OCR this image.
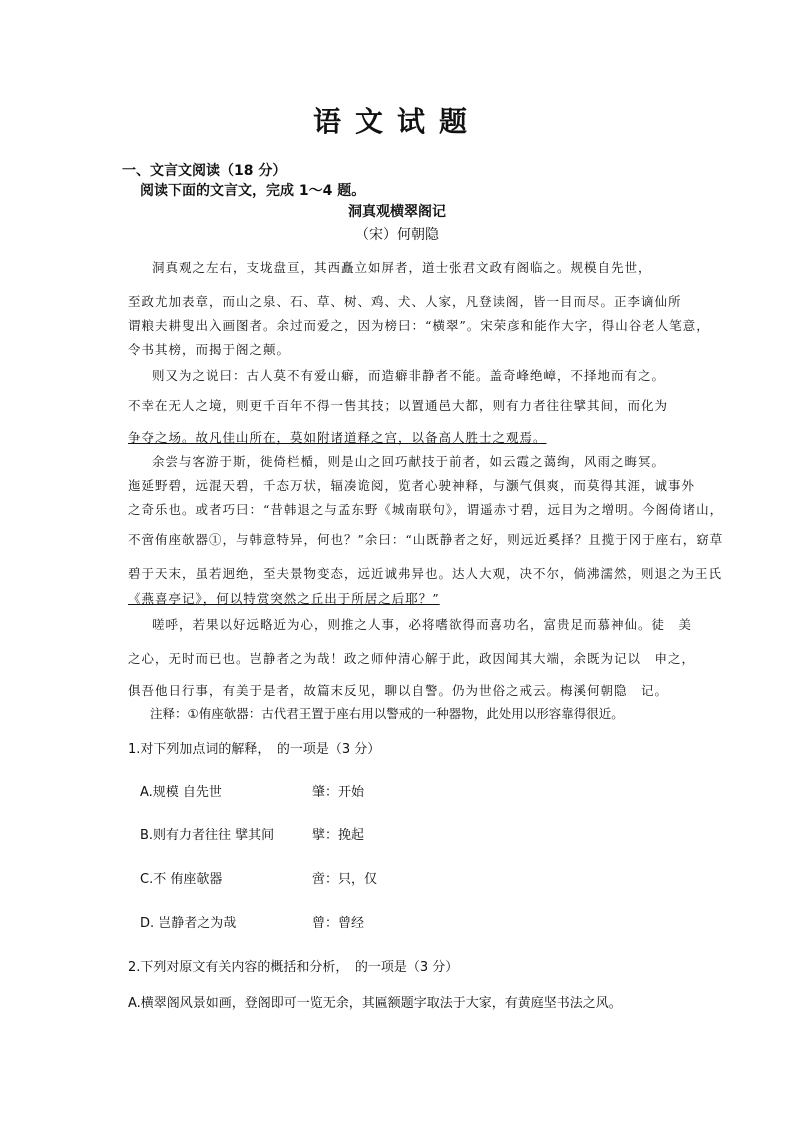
语文试题
一、文言文阅读（18 分）
阅读下面的文言文，完成 1～4 题。
洞真观横翠阁记
（宋）何朝隐
洞真观之左右，支垅盘亘，其西矗立如屏者，道士张君文政有阁临之。规模自先世，
至政尤加表章，而山之泉、石、草、树、鸡、犬、人家，凡登读阁，皆一目而尽。正李谪仙所
谓粮夫耕叟出入画图者。余过而爱之，因为榜曰：“横翠”。宋荣彦和能作大字，得山谷老人笔意，
令书其榜，而揭于阁之颠。
则又为之说曰：古人莫不有爱山癖，而造癖非静者不能。盖奇峰绝嶂，不择地而有之。
不幸在无人之境，则更千百年不得一售其技；以置通邑大都，则有力者往往擘其间，而化为
争夺之场。故凡佳山所在，莫如附诸道释之宫，以备高人胜士之观焉。
余尝与客游于斯，徙倚栏楯，则是山之回巧献技于前者，如云霞之蔼绚，风雨之晦冥。
迤延野碧，远混天碧，千态万状，辐凑诡阅，览者心驶神释，与灏气俱爽，而莫得其涯，诚事外
之奇乐也。或者巧曰：“昔韩退之与孟东野《城南联句》，谓遥赤寸碧，远目为之增明。今阁倚诸山，
不啻侑座欹器①，与韩意特异，何也？”余曰：“山既静者之好，则远近奚择？且揽于冈于座右，窈草
碧于天末，虽若迥绝，至夫景物变态，远近诚弗异也。达人大观，决不尔，倘沸濡然，则退之为王氏
《燕喜亭记》，何以特赏突然之丘出于所居之后耶？”
嗟呼，若果以好远略近为心，则推之人事，必将嗜欲得而喜功名，富贵足而慕神仙。徒　美
之心，无时而已也。岂静者之为哉！政之师仲清心解于此，政因闻其大端，余既为记以　申之，
俱吾他日行事，有美于是者，故篇末反见，聊以自警。仍为世俗之戒云。梅溪何朝隐　记。
注释：①侑座欹器：古代君王置于座右用以警戒的一种器物，此处用以形容靠得很近。
1.对下列加点词的解释，　的一项是（3 分）
A.规模 自先世	肇：开始
B.则有力者往往 擘其间	擘：挽起
C.不 侑座欹器	啻：只，仅
D. 岂静者之为哉	曾：曾经
2.下列对原文有关内容的概括和分析，　的一项是（3 分）
A.横翠阁风景如画，登阁即可一览无余，其匾额题字取法于大家，有黄庭坚书法之风。
